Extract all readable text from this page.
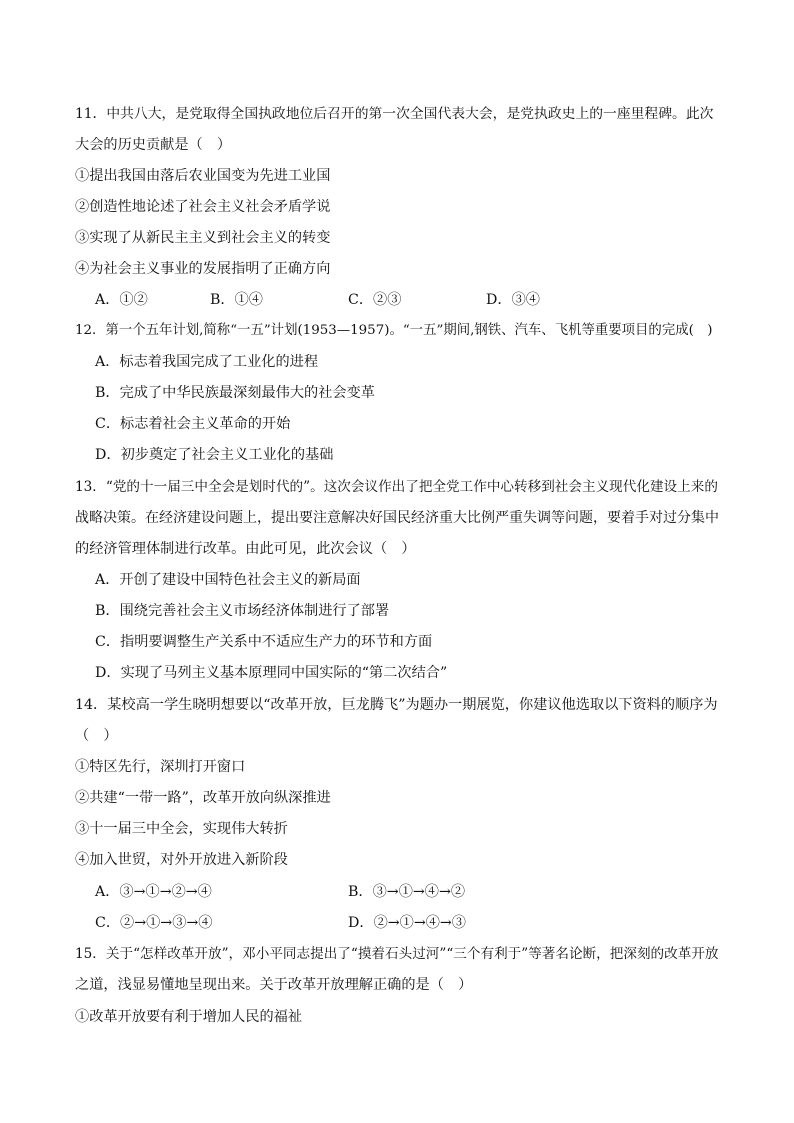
11．中共八大，是党取得全国执政地位后召开的第一次全国代表大会，是党执政史上的一座里程碑。此次
大会的历史贡献是（　）
①提出我国由落后农业国变为先进工业国
②创造性地论述了社会主义社会矛盾学说
③实现了从新民主主义到社会主义的转变
④为社会主义事业的发展指明了正确方向
A．①②	B．①④	C．②③	D．③④
12．第一个五年计划,简称“一五”计划(1953—1957)。“一五”期间,钢铁、汽车、飞机等重要项目的完成(　)
A．标志着我国完成了工业化的进程
B．完成了中华民族最深刻最伟大的社会变革
C．标志着社会主义革命的开始
D．初步奠定了社会主义工业化的基础
13．“党的十一届三中全会是划时代的”。这次会议作出了把全党工作中心转移到社会主义现代化建设上来的
战略决策。在经济建设问题上，提出要注意解决好国民经济重大比例严重失调等问题，要着手对过分集中
的经济管理体制进行改革。由此可见，此次会议（　）
A．开创了建设中国特色社会主义的新局面
B．围绕完善社会主义市场经济体制进行了部署
C．指明要调整生产关系中不适应生产力的环节和方面
D．实现了马列主义基本原理同中国实际的“第二次结合”
14．某校高一学生晓明想要以“改革开放，巨龙腾飞”为题办一期展览，你建议他选取以下资料的顺序为
（　）
①特区先行，深圳打开窗口
②共建“一带一路”，改革开放向纵深推进
③十一届三中全会，实现伟大转折
④加入世贸，对外开放进入新阶段
A．③→①→②→④	B．③→①→④→②
C．②→①→③→④	D．②→①→④→③
15．关于“怎样改革开放”，邓小平同志提出了“摸着石头过河”“三个有利于”等著名论断，把深刻的改革开放
之道，浅显易懂地呈现出来。关于改革开放理解正确的是（　）
①改革开放要有利于增加人民的福祉
